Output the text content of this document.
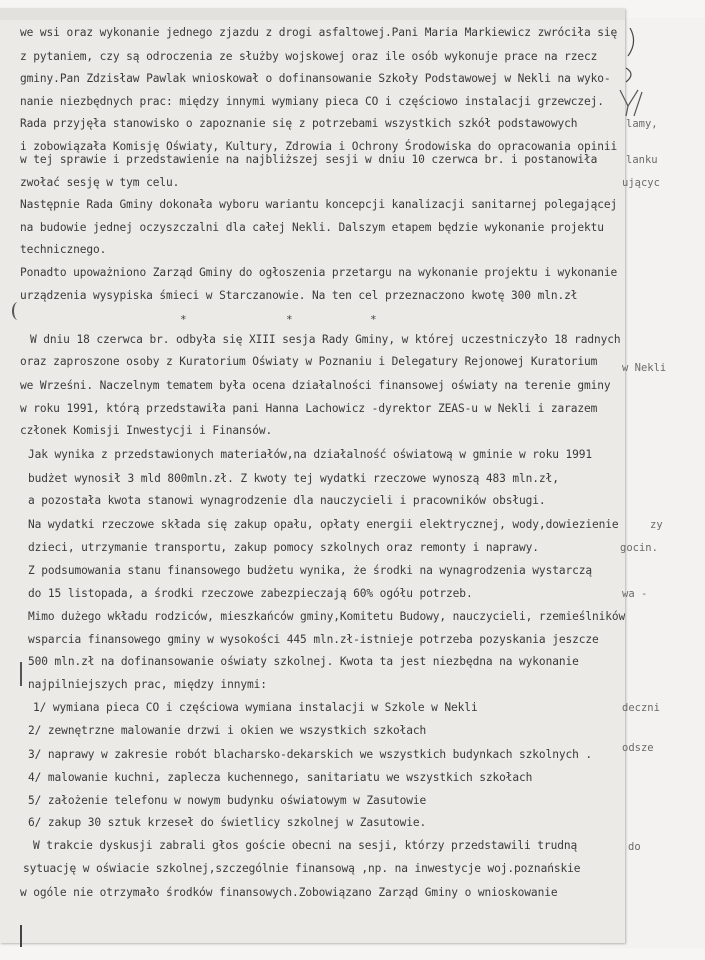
*	*	*
we wsi oraz wykonanie jednego zjazdu z drogi asfaltowej.Pani Maria Markiewicz zwróciła się
z pytaniem, czy są odroczenia ze służby wojskowej oraz ile osób wykonuje prace na rzecz
gminy.Pan Zdzisław Pawlak wnioskował o dofinansowanie Szkoły Podstawowej w Nekli na wyko-
nanie niezbędnych prac: między innymi wymiany pieca CO i częściowo instalacji grzewczej.
Rada przyjęła stanowisko o zapoznanie się z potrzebami wszystkich szkół podstawowych
i zobowiązała Komisję Oświaty, Kultury, Zdrowia i Ochrony Środowiska do opracowania opinii
w tej sprawie i przedstawienie na najbliższej sesji w dniu 10 czerwca br. i postanowiła
zwołać sesję w tym celu.
Następnie Rada Gminy dokonała wyboru wariantu koncepcji kanalizacji sanitarnej polegającej
na budowie jednej oczyszczalni dla całej Nekli. Dalszym etapem będzie wykonanie projektu
technicznego.
Ponadto upoważniono Zarząd Gminy do ogłoszenia przetargu na wykonanie projektu i wykonanie
urządzenia wysypiska śmieci w Starczanowie. Na ten cel przeznaczono kwotę 300 mln.zł
W dniu 18 czerwca br. odbyła się XIII sesja Rady Gminy, w której uczestniczyło 18 radnych
oraz zaproszone osoby z Kuratorium Oświaty w Poznaniu i Delegatury Rejonowej Kuratorium
we Wrześni. Naczelnym tematem była ocena działalności finansowej oświaty na terenie gminy
w roku 1991, którą przedstawiła pani Hanna Lachowicz -dyrektor ZEAS-u w Nekli i zarazem
członek Komisji Inwestycji i Finansów.
Jak wynika z przedstawionych materiałów,na działalność oświatową w gminie w roku 1991
budżet wynosił 3 mld 800mln.zł. Z kwoty tej wydatki rzeczowe wynoszą 483 mln.zł,
a pozostała kwota stanowi wynagrodzenie dla nauczycieli i pracowników obsługi.
Na wydatki rzeczowe składa się zakup opału, opłaty energii elektrycznej, wody,dowiezienie
dzieci, utrzymanie transportu, zakup pomocy szkolnych oraz remonty i naprawy.
Z podsumowania stanu finansowego budżetu wynika, że środki na wynagrodzenia wystarczą
do 15 listopada, a środki rzeczowe zabezpieczają 60% ogółu potrzeb.
Mimo dużego wkładu rodziców, mieszkańców gminy,Komitetu Budowy, nauczycieli, rzemieślników
wsparcia finansowego gminy w wysokości 445 mln.zł-istnieje potrzeba pozyskania jeszcze
500 mln.zł na dofinansowanie oświaty szkolnej. Kwota ta jest niezbędna na wykonanie
najpilniejszych prac, między innymi:
1/ wymiana pieca CO i częściowa wymiana instalacji w Szkole w Nekli
2/ zewnętrzne malowanie drzwi i okien we wszystkich szkołach
3/ naprawy w zakresie robót blacharsko-dekarskich we wszystkich budynkach szkolnych .
4/ malowanie kuchni, zaplecza kuchennego, sanitariatu we wszystkich szkołach
5/ założenie telefonu w nowym budynku oświatowym w Zasutowie
6/ zakup 30 sztuk krzeseł do świetlicy szkolnej w Zasutowie.
W trakcie dyskusji zabrali głos goście obecni na sesji, którzy przedstawili trudną
sytuację w oświacie szkolnej,szczególnie finansową ,np. na inwestycje woj.poznańskie
w ogóle nie otrzymało środków finansowych.Zobowiązano Zarząd Gminy o wnioskowanie
lamy,
lanku
ującyc
w Nekli
zy
gocin.
wa -
deczni
odsze
do
